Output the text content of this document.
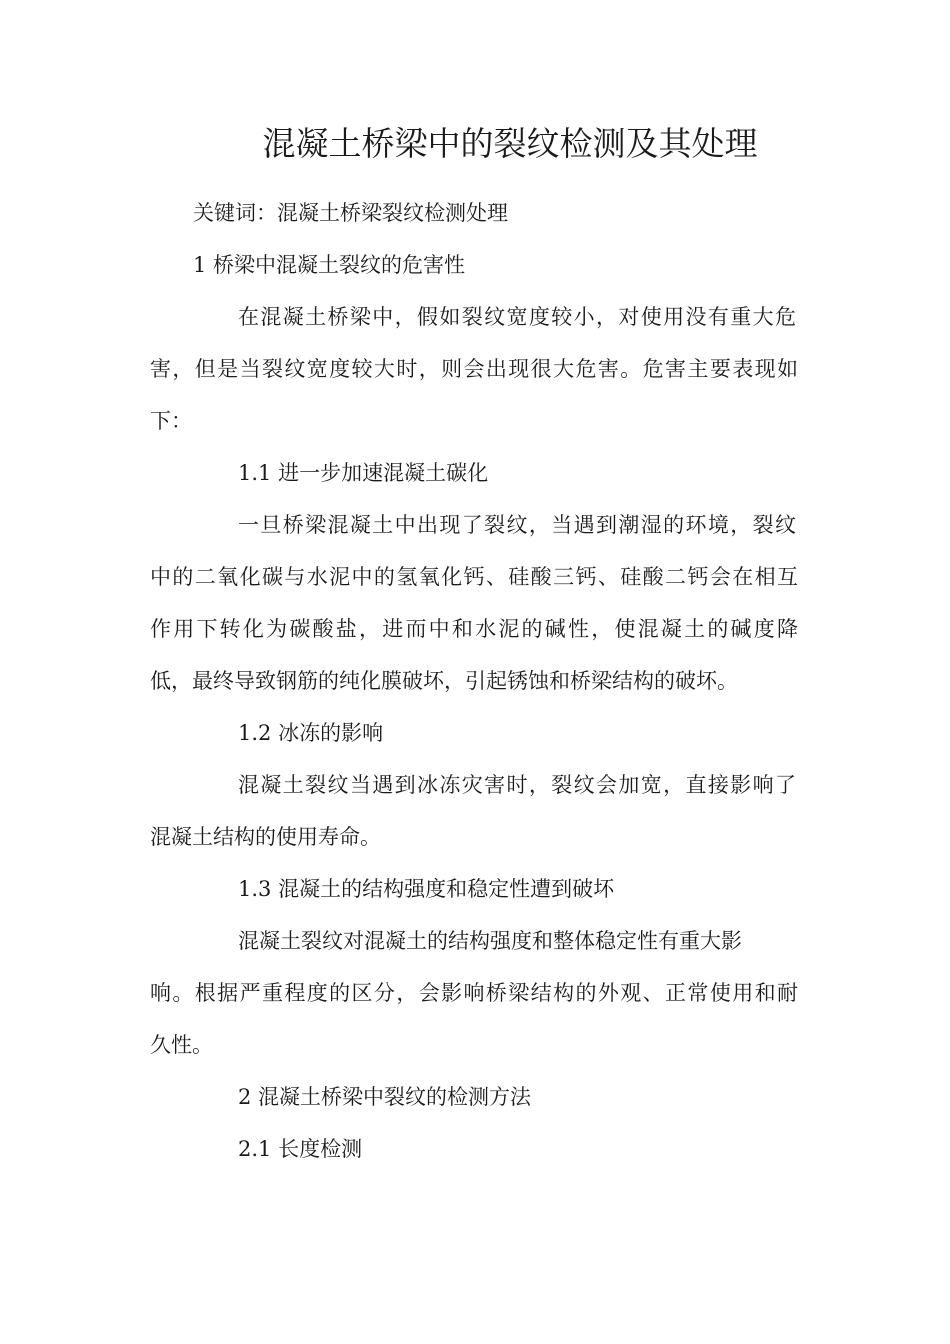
混凝土桥梁中的裂纹检测及其处理
关键词：混凝土桥梁裂纹检测处理
1 桥梁中混凝土裂纹的危害性
在混凝土桥梁中，假如裂纹宽度较小，对使用没有重大危
害，但是当裂纹宽度较大时，则会出现很大危害。危害主要表现如
下：
1.1 进一步加速混凝土碳化
一旦桥梁混凝土中出现了裂纹，当遇到潮湿的环境，裂纹
中的二氧化碳与水泥中的氢氧化钙、硅酸三钙、硅酸二钙会在相互
作用下转化为碳酸盐，进而中和水泥的碱性，使混凝土的碱度降
低，最终导致钢筋的纯化膜破坏，引起锈蚀和桥梁结构的破坏。
1.2 冰冻的影响
混凝土裂纹当遇到冰冻灾害时，裂纹会加宽，直接影响了
混凝土结构的使用寿命。
1.3 混凝土的结构强度和稳定性遭到破坏
混凝土裂纹对混凝土的结构强度和整体稳定性有重大影
响。根据严重程度的区分，会影响桥梁结构的外观、正常使用和耐
久性。
2 混凝土桥梁中裂纹的检测方法
2.1 长度检测
